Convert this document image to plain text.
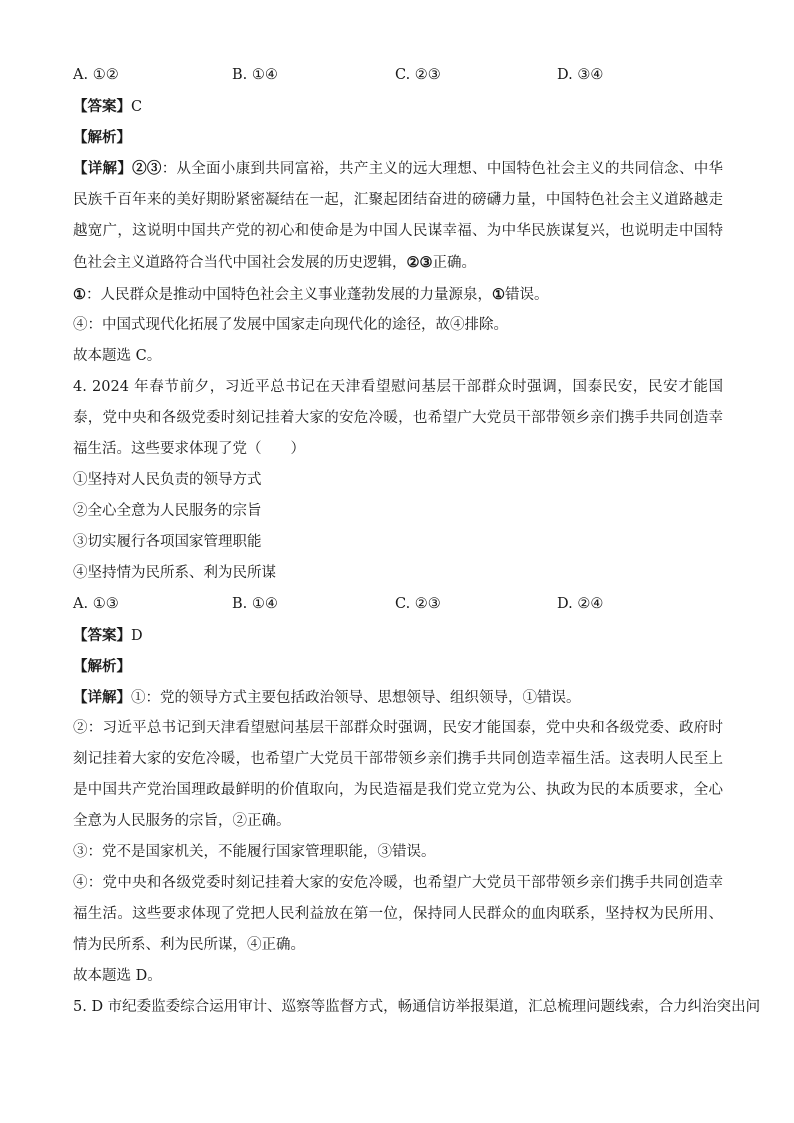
A. ①②	B. ①④	C. ②③	D. ③④
【答案】C
【解析】
【详解】②③：从全面小康到共同富裕，共产主义的远大理想、中国特色社会主义的共同信念、中华民族千百年来的美好期盼紧密凝结在一起，汇聚起团结奋进的磅礴力量，中国特色社会主义道路越走越宽广，这说明中国共产党的初心和使命是为中国人民谋幸福、为中华民族谋复兴，也说明走中国特色社会主义道路符合当代中国社会发展的历史逻辑，②③正确。
①：人民群众是推动中国特色社会主义事业蓬勃发展的力量源泉，①错误。
④：中国式现代化拓展了发展中国家走向现代化的途径，故④排除。
故本题选 C。
4. 2024 年春节前夕，习近平总书记在天津看望慰问基层干部群众时强调，国泰民安，民安才能国泰，党中央和各级党委时刻记挂着大家的安危冷暖，也希望广大党员干部带领乡亲们携手共同创造幸福生活。这些要求体现了党（　　）
①坚持对人民负责的领导方式
②全心全意为人民服务的宗旨
③切实履行各项国家管理职能
④坚持情为民所系、利为民所谋
A. ①③	B. ①④	C. ②③	D. ②④
【答案】D
【解析】
【详解】①：党的领导方式主要包括政治领导、思想领导、组织领导，①错误。
②：习近平总书记到天津看望慰问基层干部群众时强调，民安才能国泰，党中央和各级党委、政府时刻记挂着大家的安危冷暖，也希望广大党员干部带领乡亲们携手共同创造幸福生活。这表明人民至上是中国共产党治国理政最鲜明的价值取向，为民造福是我们党立党为公、执政为民的本质要求，全心全意为人民服务的宗旨，②正确。
③：党不是国家机关，不能履行国家管理职能，③错误。
④：党中央和各级党委时刻记挂着大家的安危冷暖，也希望广大党员干部带领乡亲们携手共同创造幸福生活。这些要求体现了党把人民利益放在第一位，保持同人民群众的血肉联系，坚持权为民所用、情为民所系、利为民所谋，④正确。
故本题选 D。
5. D 市纪委监委综合运用审计、巡察等监督方式，畅通信访举报渠道，汇总梳理问题线索，合力纠治突出问
